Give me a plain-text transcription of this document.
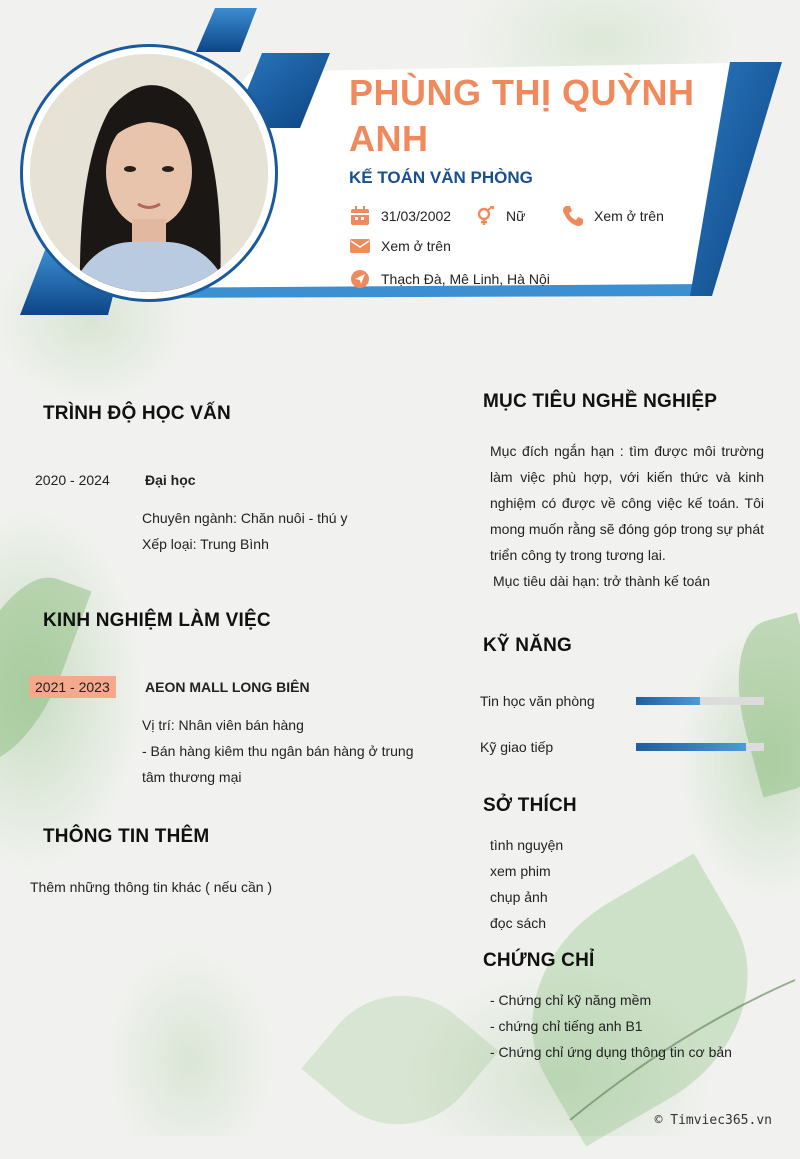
PHÙNG THỊ QUỲNH ANH
KẾ TOÁN VĂN PHÒNG
31/03/2002	Nữ	Xem ở trên
Xem ở trên
Thạch Đà, Mê Linh, Hà Nội
TRÌNH ĐỘ HỌC VẤN
2020 - 2024	Đại học
Chuyên ngành: Chăn nuôi - thú y
Xếp loại: Trung Bình
KINH NGHIỆM LÀM VIỆC
2021 - 2023	AEON MALL LONG BIÊN
Vị trí: Nhân viên bán hàng
- Bán hàng kiêm thu ngân bán hàng ở trung
tâm thương mại
THÔNG TIN THÊM
Thêm những thông tin khác ( nếu cần )
MỤC TIÊU NGHỀ NGHIỆP
Mục đích ngắn hạn : tìm được môi trường làm việc phù hợp, với kiến thức và kinh nghiệm có được về công việc kế toán. Tôi mong muốn rằng sẽ đóng góp trong sự phát triển công ty trong tương lai.
Mục tiêu dài hạn: trở thành kế toán
KỸ NĂNG
Tin học văn phòng
Kỹ giao tiếp
SỞ THÍCH
tình nguyện
xem phim
chụp ảnh
đọc sách
CHỨNG CHỈ
- Chứng chỉ kỹ năng mềm
- chứng chỉ tiếng anh B1
- Chứng chỉ ứng dụng thông tin cơ bản
© Timviec365.vn
